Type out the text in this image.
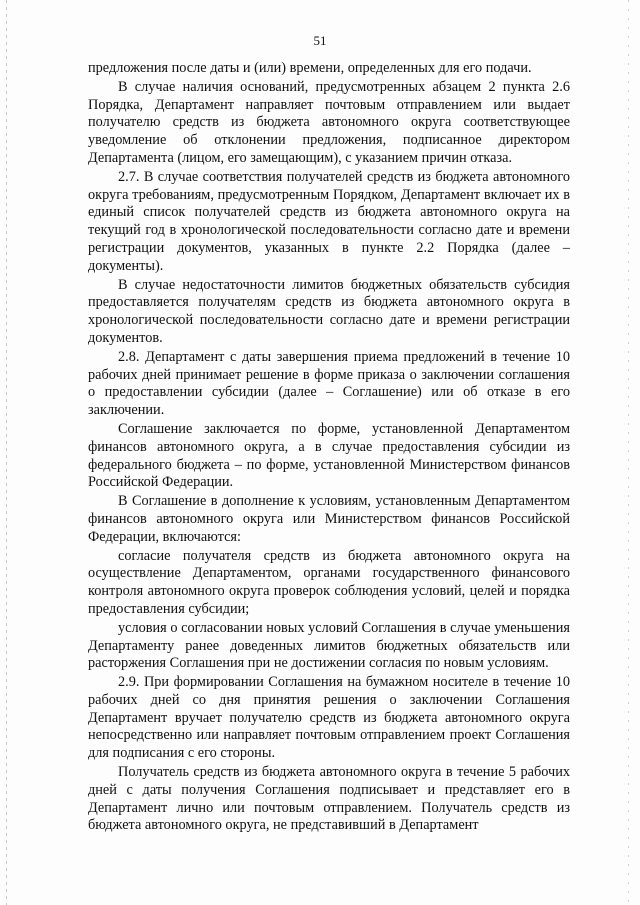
51

предложения после даты и (или) времени, определенных для его подачи.

В случае наличия оснований, предусмотренных абзацем 2 пункта 2.6 Порядка, Департамент направляет почтовым отправлением или выдает получателю средств из бюджета автономного округа соответствующее уведомление об отклонении предложения, подписанное директором Департамента (лицом, его замещающим), с указанием причин отказа.

2.7. В случае соответствия получателей средств из бюджета автономного округа требованиям, предусмотренным Порядком, Департамент включает их в единый список получателей средств из бюджета автономного округа на текущий год в хронологической последовательности согласно дате и времени регистрации документов, указанных в пункте 2.2 Порядка (далее – документы).

В случае недостаточности лимитов бюджетных обязательств субсидия предоставляется получателям средств из бюджета автономного округа в хронологической последовательности согласно дате и времени регистрации документов.

2.8. Департамент с даты завершения приема предложений в течение 10 рабочих дней принимает решение в форме приказа о заключении соглашения о предоставлении субсидии (далее – Соглашение) или об отказе в его заключении.

Соглашение заключается по форме, установленной Департаментом финансов автономного округа, а в случае предоставления субсидии из федерального бюджета – по форме, установленной Министерством финансов Российской Федерации.

В Соглашение в дополнение к условиям, установленным Департаментом финансов автономного округа или Министерством финансов Российской Федерации, включаются:

согласие получателя средств из бюджета автономного округа на осуществление Департаментом, органами государственного финансового контроля автономного округа проверок соблюдения условий, целей и порядка предоставления субсидии;

условия о согласовании новых условий Соглашения в случае уменьшения Департаменту ранее доведенных лимитов бюджетных обязательств или расторжения Соглашения при не достижении согласия по новым условиям.

2.9. При формировании Соглашения на бумажном носителе в течение 10 рабочих дней со дня принятия решения о заключении Соглашения Департамент вручает получателю средств из бюджета автономного округа непосредственно или направляет почтовым отправлением проект Соглашения для подписания с его стороны.

Получатель средств из бюджета автономного округа в течение 5 рабочих дней с даты получения Соглашения подписывает и представляет его в Департамент лично или почтовым отправлением. Получатель средств из бюджета автономного округа, не представивший в Департамент
